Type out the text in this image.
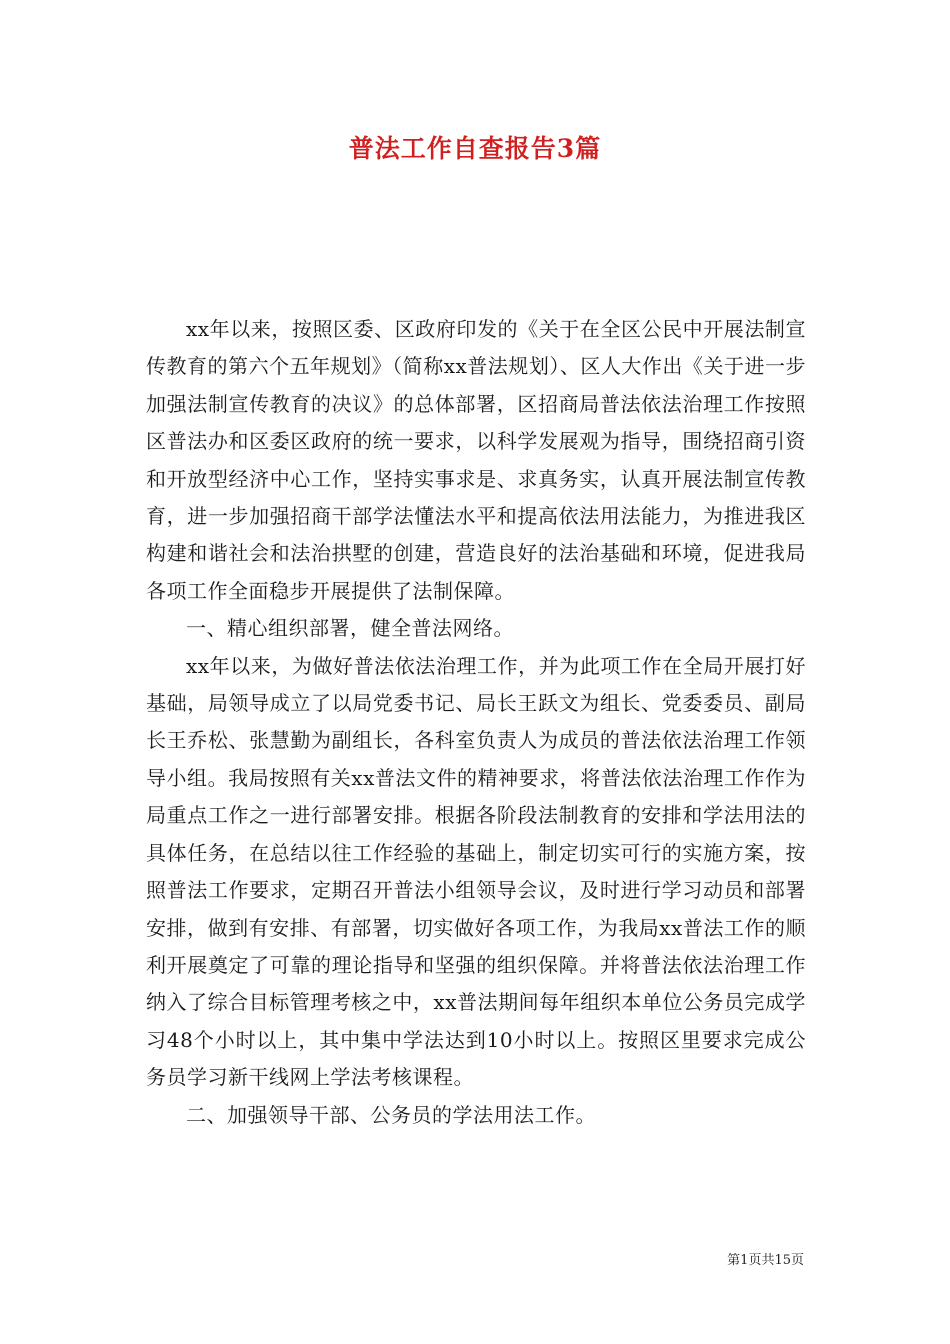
普法工作自查报告3篇

xx年以来，按照区委、区政府印发的《关于在全区公民中开展法制宣传教育的第六个五年规划》（简称xx普法规划）、区人大作出《关于进一步加强法制宣传教育的决议》的总体部署，区招商局普法依法治理工作按照区普法办和区委区政府的统一要求，以科学发展观为指导，围绕招商引资和开放型经济中心工作，坚持实事求是、求真务实，认真开展法制宣传教育，进一步加强招商干部学法懂法水平和提高依法用法能力，为推进我区构建和谐社会和法治拱墅的创建，营造良好的法治基础和环境，促进我局各项工作全面稳步开展提供了法制保障。

一、精心组织部署，健全普法网络。

xx年以来，为做好普法依法治理工作，并为此项工作在全局开展打好基础，局领导成立了以局党委书记、局长王跃文为组长、党委委员、副局长王乔松、张慧勤为副组长，各科室负责人为成员的普法依法治理工作领导小组。我局按照有关xx普法文件的精神要求，将普法依法治理工作作为局重点工作之一进行部署安排。根据各阶段法制教育的安排和学法用法的具体任务，在总结以往工作经验的基础上，制定切实可行的实施方案，按照普法工作要求，定期召开普法小组领导会议，及时进行学习动员和部署安排，做到有安排、有部署，切实做好各项工作，为我局xx普法工作的顺利开展奠定了可靠的理论指导和坚强的组织保障。并将普法依法治理工作纳入了综合目标管理考核之中，xx普法期间每年组织本单位公务员完成学习48个小时以上，其中集中学法达到10小时以上。按照区里要求完成公务员学习新干线网上学法考核课程。

二、加强领导干部、公务员的学法用法工作。

第1页共15页
